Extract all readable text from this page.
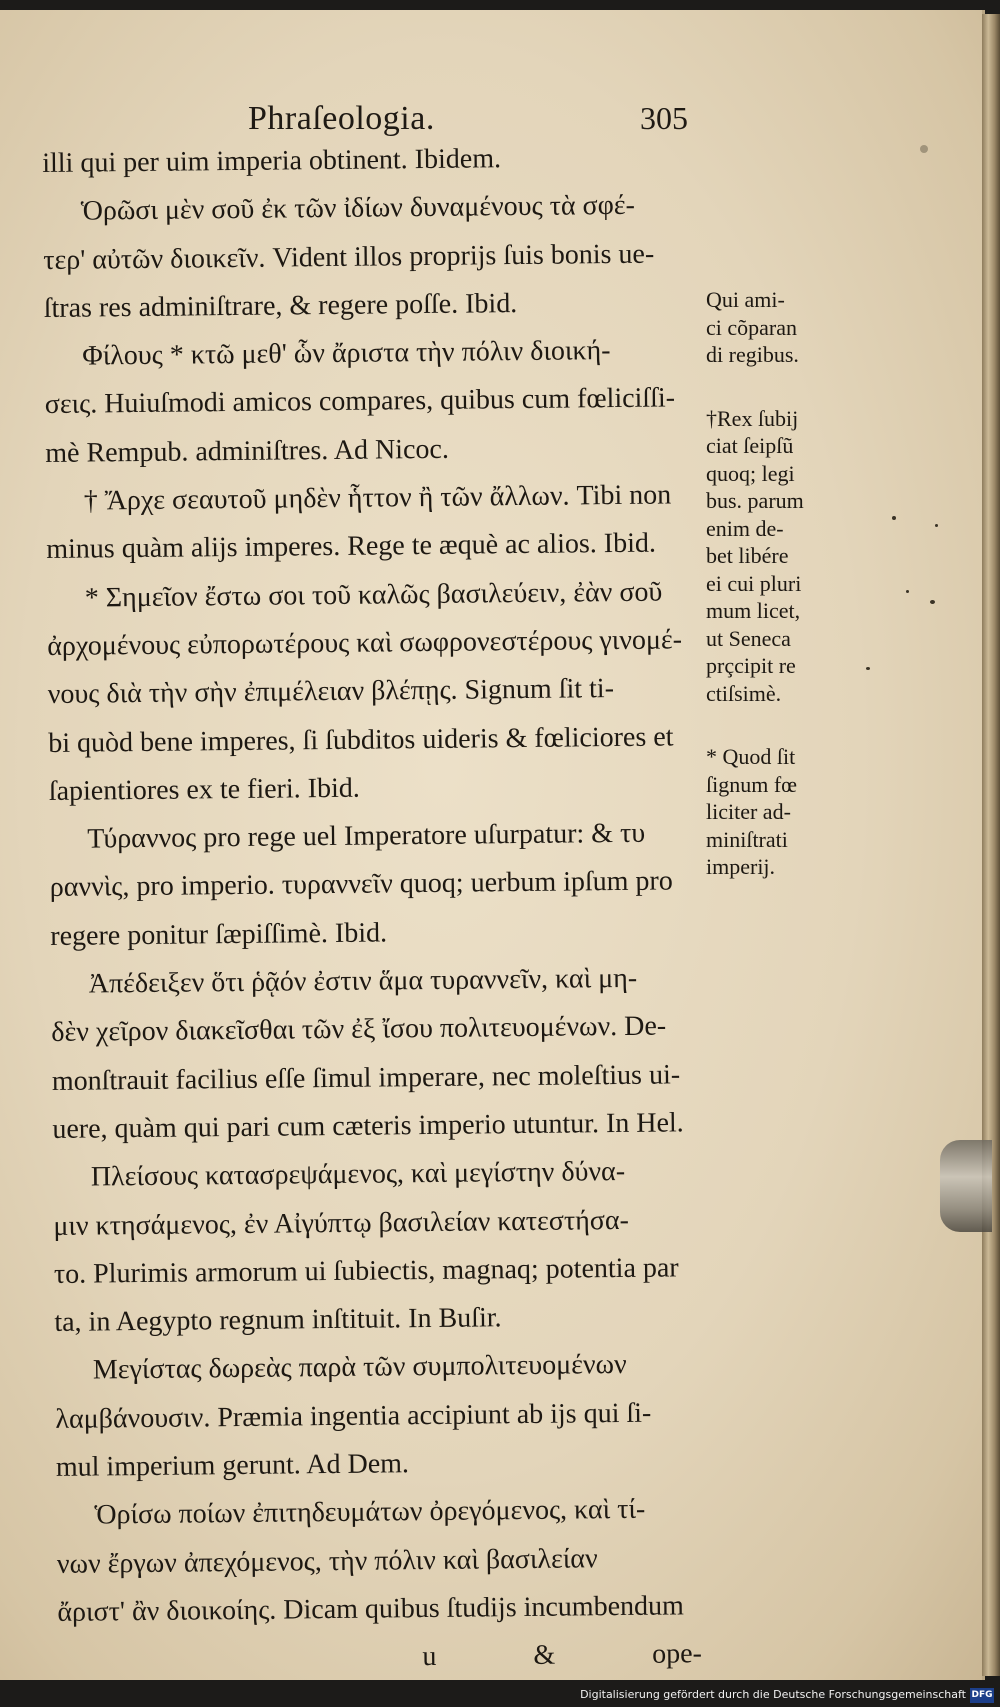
Phraſeologia.	305
illi qui per uim imperia obtinent. Ibidem.
Ὁρῶσι μὲν σοῦ ἐκ τῶν ἰδίων δυναμένους τὰ σφέ-
τερ' αὐτῶν διοικεῖν. Vident illos proprijs ſuis bonis ue-
ſtras res adminiſtrare, & regere poſſe. Ibid.
Φίλους * κτῶ μεθ' ὧν ἄριστα τὴν πόλιν διοική-
σεις. Huiuſmodi amicos compares, quibus cum fœliciſſi-
mè Rempub. adminiſtres. Ad Nicoc.
† Ἄρχε σεαυτοῦ μηδὲν ἧττον ἢ τῶν ἄλλων. Tibi non
minus quàm alijs imperes. Rege te æquè ac alios. Ibid.
* Σημεῖον ἔστω σοι τοῦ καλῶς βασιλεύειν, ἐὰν σοῦ
ἀρχομένους εὐπορωτέρους καὶ σωφρονεστέρους γινομέ-
νους διὰ τὴν σὴν ἐπιμέλειαν βλέπῃς. Signum ſit ti-
bi quòd bene imperes, ſi ſubditos uideris & fœliciores et
ſapientiores ex te fieri. Ibid.
Τύραννος pro rege uel Imperatore uſurpatur: & τυ
ραννὶς, pro imperio. τυραννεῖν quoq; uerbum ipſum pro
regere ponitur ſæpiſſimè. Ibid.
Ἀπέδειξεν ὅτι ῥᾷόν ἐστιν ἅμα τυραννεῖν, καὶ μη-
δὲν χεῖρον διακεῖσθαι τῶν ἐξ ἴσου πολιτευομένων. De-
monſtrauit facilius eſſe ſimul imperare, nec moleſtius ui-
uere, quàm qui pari cum cæteris imperio utuntur. In Hel.
Πλείσους κατασρεψάμενος, καὶ μεγίστην δύνα-
μιν κτησάμενος, ἐν Αἰγύπτῳ βασιλείαν κατεστήσα-
το. Plurimis armorum ui ſubiectis, magnaq; potentia par
ta, in Aegypto regnum inſtituit. In Buſir.
Μεγίστας δωρεὰς παρὰ τῶν συμπολιτευομένων
λαμβάνουσιν. Præmia ingentia accipiunt ab ijs qui ſi-
mul imperium gerunt. Ad Dem.
Ὁρίσω ποίων ἐπιτηδευμάτων ὀρεγόμενος, καὶ τί-
νων ἔργων ἀπεχόμενος, τὴν πόλιν καὶ βασιλείαν
ἄριστ' ἂν διοικοίης. Dicam quibus ſtudijs incumbendum
u & ope-
Qui ami-
ci cõparan
di regibus.
†Rex ſubij
ciat ſeipſũ
quoq; legi
bus. parum
enim de-
bet libére
ei cui pluri
mum licet,
ut Seneca
prçcipit re
ctiſsimè.
* Quod ſit
ſignum fœ
liciter ad-
miniſtrati
imperij.
Digitalisierung gefördert durch die Deutsche Forschungsgemeinschaft DFG
